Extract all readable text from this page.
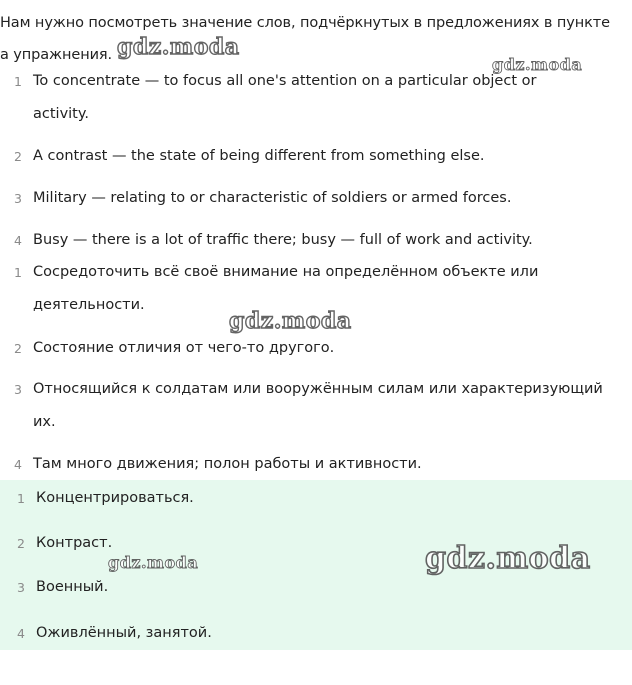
Нам нужно посмотреть значение слов, подчёркнутых в предложениях в пункте
a упражнения.
1 To concentrate — to focus all one's attention on a particular object or
activity.
2 A contrast — the state of being different from something else.
3 Military — relating to or characteristic of soldiers or armed forces.
4 Busy — there is a lot of traffic there; busy — full of work and activity.
1 Сосредоточить всё своё внимание на определённом объекте или
деятельности.
2 Состояние отличия от чего-то другого.
3 Относящийся к солдатам или вооружённым силам или характеризующий
их.
4 Там много движения; полон работы и активности.
1 Концентрироваться.
2 Контраст.
3 Военный.
4 Оживлённый, занятой.
gdz.moda
gdz.moda
gdz.moda
gdz.moda	gdz.moda
